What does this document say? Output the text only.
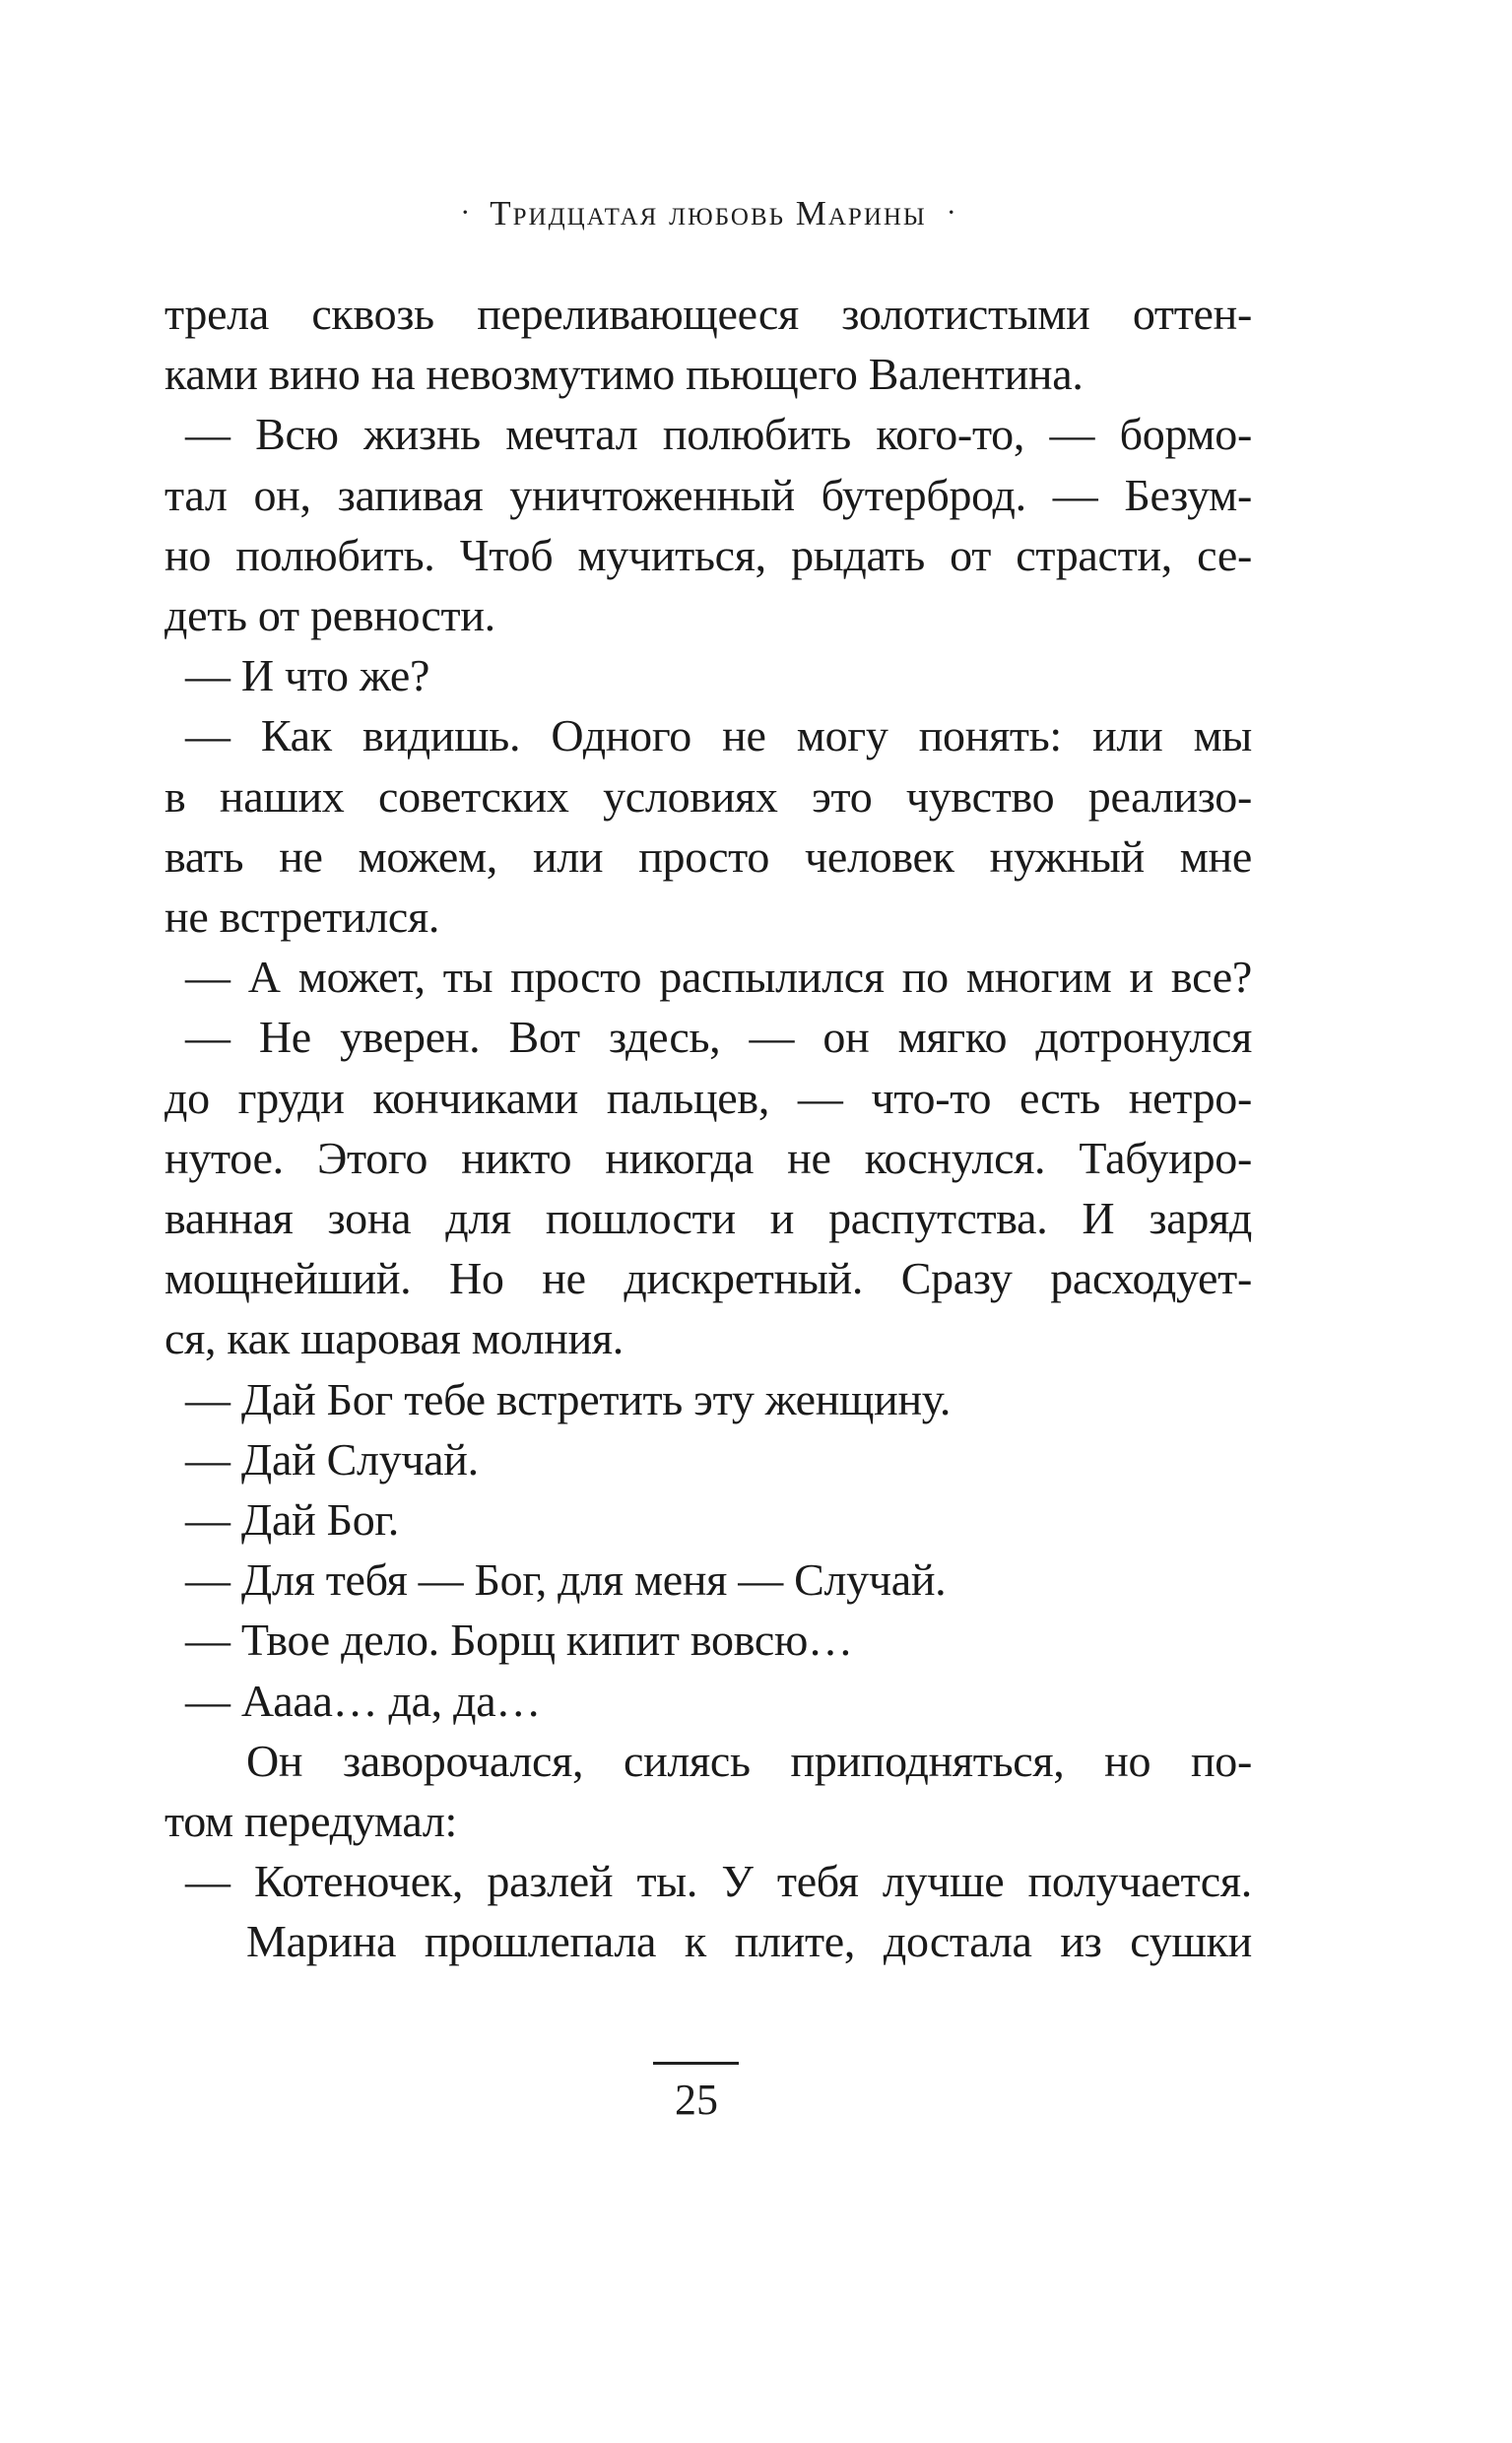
· Тридцатая любовь Марины ·
трела сквозь переливающееся золотистыми оттен-
ками вино на невозмутимо пьющего Валентина.
— Всю жизнь мечтал полюбить кого-то, — бормо-
тал он, запивая уничтоженный бутерброд. — Безум-
но полюбить. Чтоб мучиться, рыдать от страсти, се-
деть от ревности.
— И что же?
— Как видишь. Одного не могу понять: или мы
в наших советских условиях это чувство реализо-
вать не можем, или просто человек нужный мне
не встретился.
— А может, ты просто распылился по многим и все?
— Не уверен. Вот здесь, — он мягко дотронулся
до груди кончиками пальцев, — что-то есть нетро-
нутое. Этого никто никогда не коснулся. Табуиро-
ванная зона для пошлости и распутства. И заряд
мощнейший. Но не дискретный. Сразу расходует-
ся, как шаровая молния.
— Дай Бог тебе встретить эту женщину.
— Дай Случай.
— Дай Бог.
— Для тебя — Бог, для меня — Случай.
— Твое дело. Борщ кипит вовсю…
— Аааа… да, да…
Он заворочался, силясь приподняться, но по-
том передумал:
— Котеночек, разлей ты. У тебя лучше получается.
Марина прошлепала к плите, достала из сушки
25
